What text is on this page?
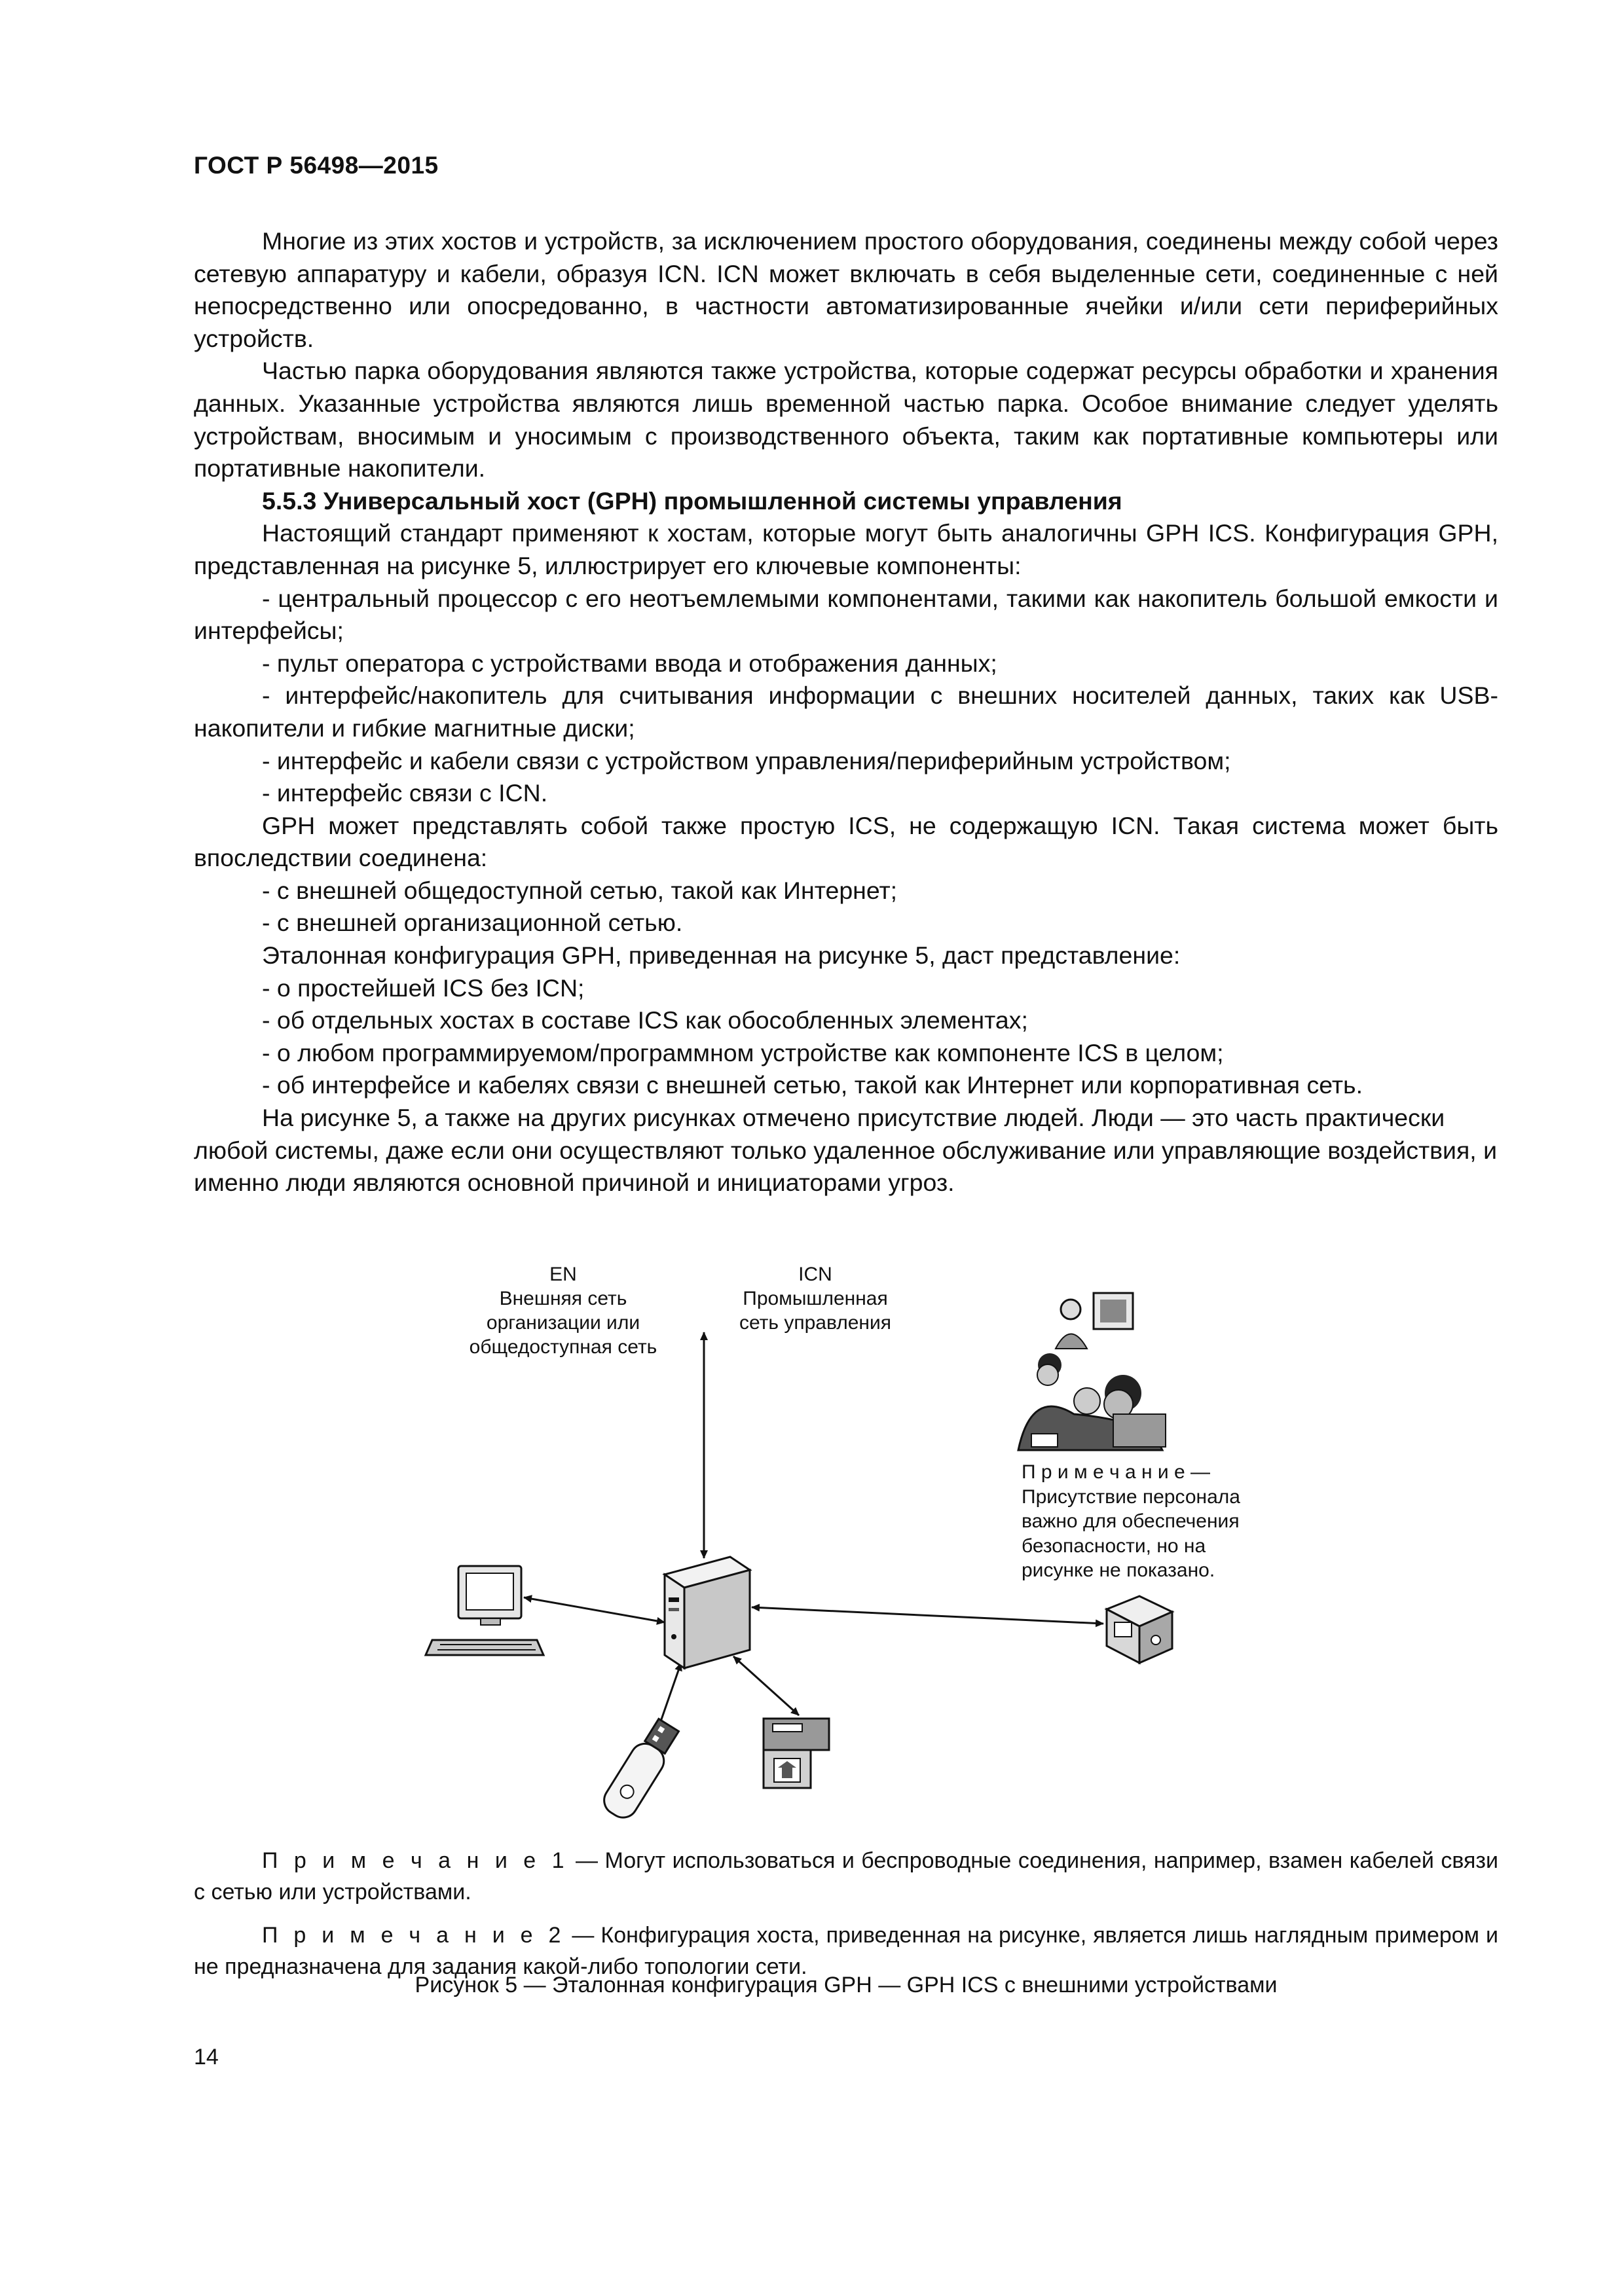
ГОСТ Р 56498—2015

Многие из этих хостов и устройств, за исключением простого оборудования, соединены между собой через сетевую аппаратуру и кабели, образуя ICN. ICN может включать в себя выделенные сети, соединенные с ней непосредственно или опосредованно, в частности автоматизированные ячейки и/или сети периферийных устройств.

Частью парка оборудования являются также устройства, которые содержат ресурсы обработки и хранения данных. Указанные устройства являются лишь временной частью парка. Особое внимание следует уделять устройствам, вносимым и уносимым с производственного объекта, таким как портативные компьютеры или портативные накопители.

5.5.3 Универсальный хост (GPH) промышленной системы управления

Настоящий стандарт применяют к хостам, которые могут быть аналогичны GPH ICS. Конфигурация GPH, представленная на рисунке 5, иллюстрирует его ключевые компоненты:

- центральный процессор с его неотъемлемыми компонентами, такими как накопитель большой емкости и интерфейсы;

- пульт оператора с устройствами ввода и отображения данных;

- интерфейс/накопитель для считывания информации с внешних носителей данных, таких как USB-накопители и гибкие магнитные диски;

- интерфейс и кабели связи с устройством управления/периферийным устройством;

- интерфейс связи с ICN.

GPH может представлять собой также простую ICS, не содержащую ICN. Такая система может быть впоследствии соединена:

- с внешней общедоступной сетью, такой как Интернет;

- с внешней организационной сетью.

Эталонная конфигурация GPH, приведенная на рисунке 5, даст представление:

- о простейшей ICS без ICN;

- об отдельных хостах в составе ICS как обособленных элементах;

- о любом программируемом/программном устройстве как компоненте ICS в целом;

- об интерфейсе и кабелях связи с внешней сетью, такой как Интернет или корпоративная сеть.

На рисунке 5, а также на других рисунках отмечено присутствие людей. Люди — это часть практически любой системы, даже если они осуществляют только удаленное обслуживание или управляющие воздействия, и именно люди являются основной причиной и инициаторами угроз.

EN
Внешняя сеть
организации или
общедоступная сеть
ICN
Промышленная
сеть управления
П р и м е ч а н и е —
Присутствие персонала
важно для обеспечения
безопасности, но на
рисунке не показано.

П р и м е ч а н и е 1 — Могут использоваться и беспроводные соединения, например, взамен кабелей связи с сетью или устройствами.

П р и м е ч а н и е 2 — Конфигурация хоста, приведенная на рисунке, является лишь наглядным примером и не предназначена для задания какой-либо топологии сети.

Рисунок 5 — Эталонная конфигурация GPH — GPH ICS с внешними устройствами
14
